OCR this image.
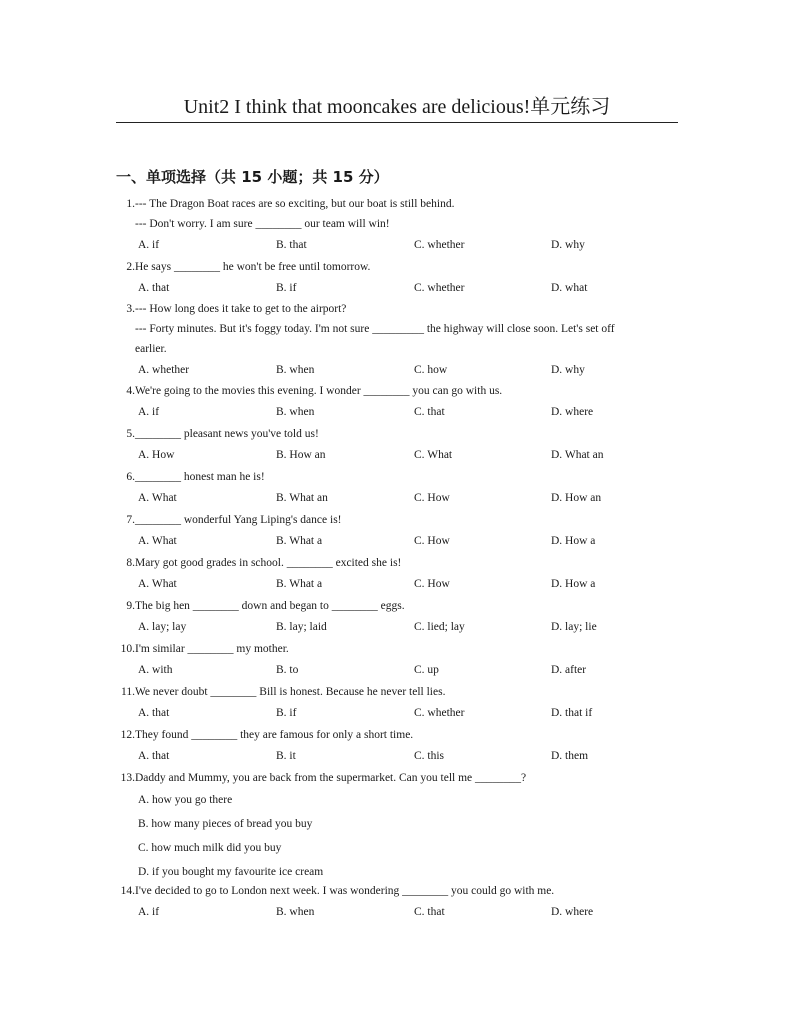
Unit2 I think that mooncakes are delicious!单元练习
一、单项选择（共 15 小题；共 15 分）
1. --- The Dragon Boat races are so exciting, but our boat is still behind.
--- Don't worry. I am sure ________ our team will win!
A. if	B. that	C. whether	D. why
2. He says ________ he won't be free until tomorrow.
A. that	B. if	C. whether	D. what
3. --- How long does it take to get to the airport?
--- Forty minutes. But it's foggy today. I'm not sure _________ the highway will close soon. Let's set off
earlier.
A. whether	B. when	C. how	D. why
4. We're going to the movies this evening. I wonder ________ you can go with us.
A. if	B. when	C. that	D. where
5. ________ pleasant news you've told us!
A. How	B. How an	C. What	D. What an
6. ________ honest man he is!
A. What	B. What an	C. How	D. How an
7. ________ wonderful Yang Liping's dance is!
A. What	B. What a	C. How	D. How a
8. Mary got good grades in school. ________ excited she is!
A. What	B. What a	C. How	D. How a
9. The big hen ________ down and began to ________ eggs.
A. lay; lay	B. lay; laid	C. lied; lay	D. lay; lie
10. I'm similar ________ my mother.
A. with	B. to	C. up	D. after
11. We never doubt ________ Bill is honest. Because he never tell lies.
A. that	B. if	C. whether	D. that if
12. They found ________ they are famous for only a short time.
A. that	B. it	C. this	D. them
13. Daddy and Mummy, you are back from the supermarket. Can you tell me ________?
A. how you go there
B. how many pieces of bread you buy
C. how much milk did you buy
D. if you bought my favourite ice cream
14. I've decided to go to London next week. I was wondering ________ you could go with me.
A. if	B. when	C. that	D. where
